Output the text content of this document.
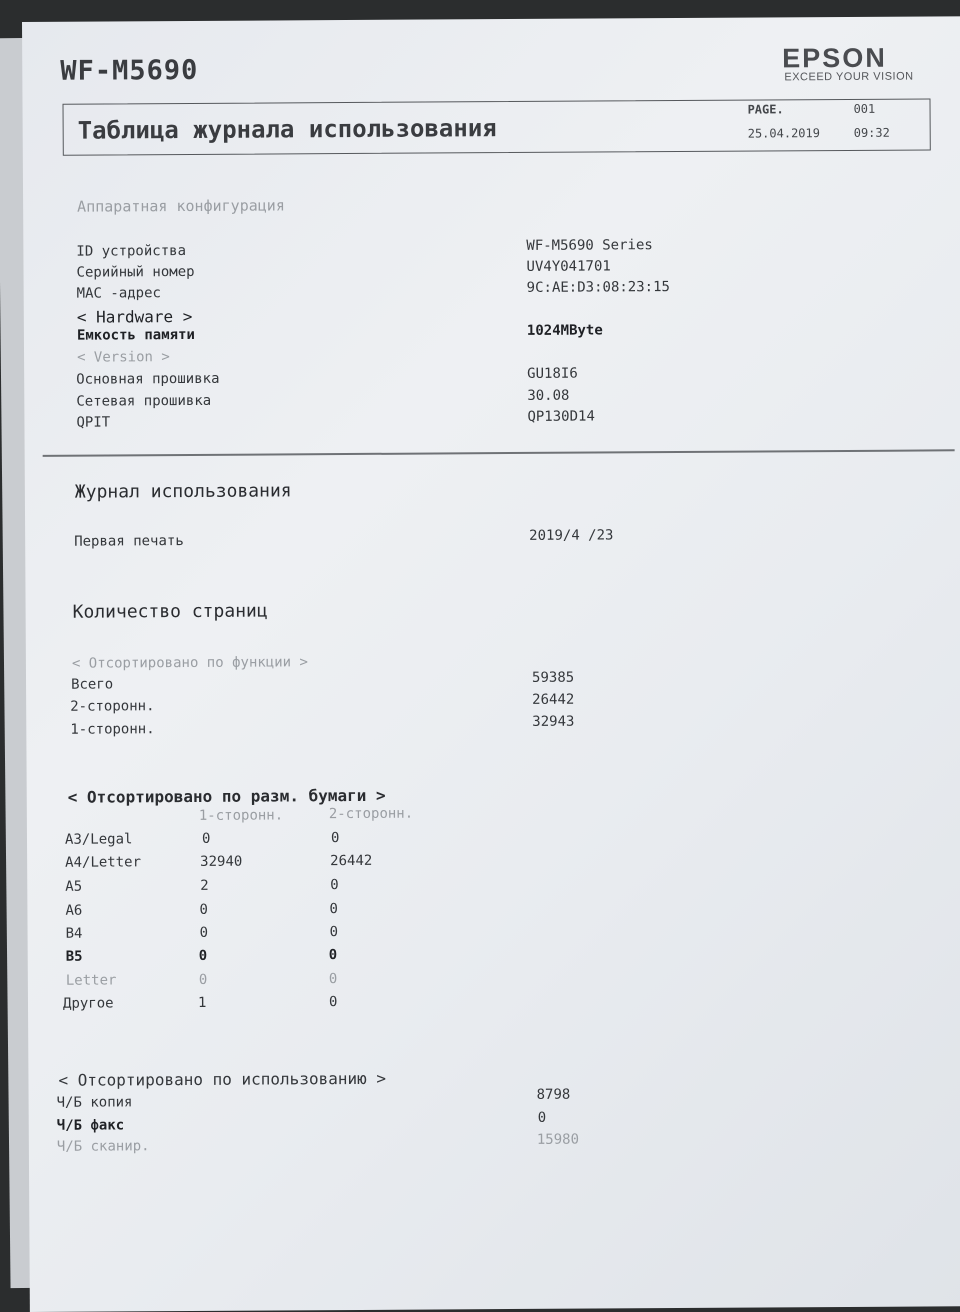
WF-M5690	EPSON
EXCEED YOUR VISION
Таблица журнала использования
PAGE.	001
25.04.2019	09:32
Аппаратная конфигурация
ID устройства	WF-M5690 Series
Серийный номер	UV4Y041701
MAC -адрес	9C:AE:D3:08:23:15
< Hardware >
Емкость памяти	1024MByte
< Version >
Основная прошивка	GU18I6
Сетевая прошивка	30.08
QPIT	QP130D14
Журнал использования
Первая печать	2019/4 /23
Количество страниц
< Отсортировано по функции >
Всего	59385
2-сторонн.	26442
1-сторонн.	32943
< Отсортировано по разм. бумаги >
1-сторонн.	2-сторонн.
A3/Legal	0	0
A4/Letter	32940	26442
A5	2	0
A6	0	0
B4	0	0
B5	0	0
Letter	0	0
Другое	1	0
< Отсортировано по использованию >
Ч/Б копия	8798
Ч/Б факс	0
Ч/Б сканир.	15980
